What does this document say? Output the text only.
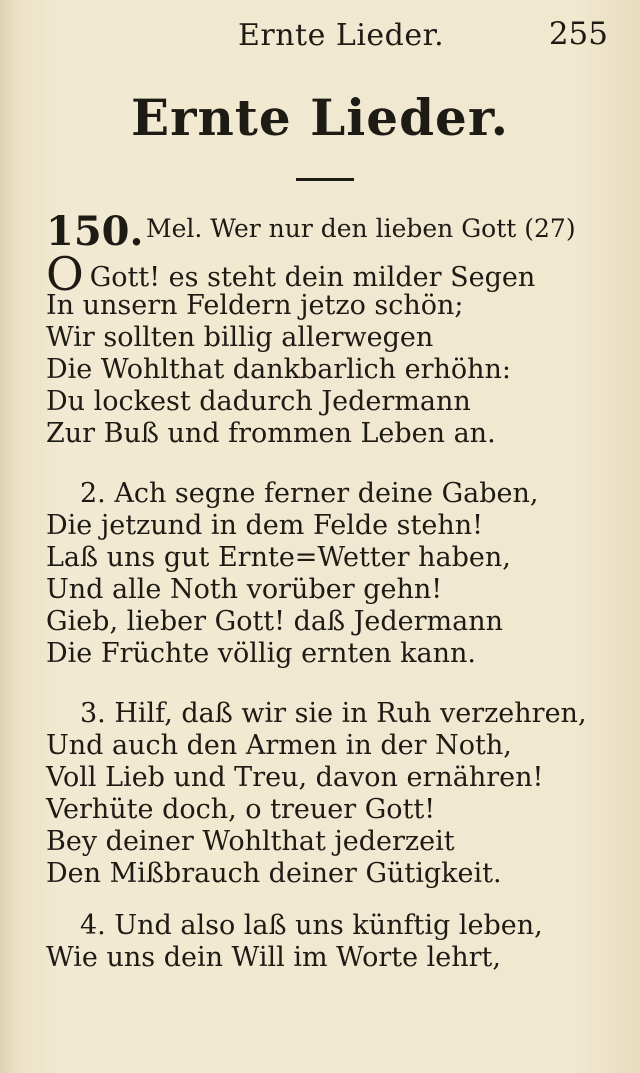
Ernte Lieder.	255
Ernte Lieder.
150. Mel. Wer nur den lieben Gott (27)
O Gott! es steht dein milder Segen
In unsern Feldern jetzo schön;
Wir sollten billig allerwegen
Die Wohlthat dankbarlich erhöhn:
Du lockest dadurch Jedermann
Zur Buß und frommen Leben an.
2. Ach segne ferner deine Gaben,
Die jetzund in dem Felde stehn!
Laß uns gut Ernte=Wetter haben,
Und alle Noth vorüber gehn!
Gieb, lieber Gott! daß Jedermann
Die Früchte völlig ernten kann.
3. Hilf, daß wir sie in Ruh verzehren,
Und auch den Armen in der Noth,
Voll Lieb und Treu, davon ernähren!
Verhüte doch, o treuer Gott!
Bey deiner Wohlthat jederzeit
Den Mißbrauch deiner Gütigkeit.
4. Und also laß uns künftig leben,
Wie uns dein Will im Worte lehrt,
